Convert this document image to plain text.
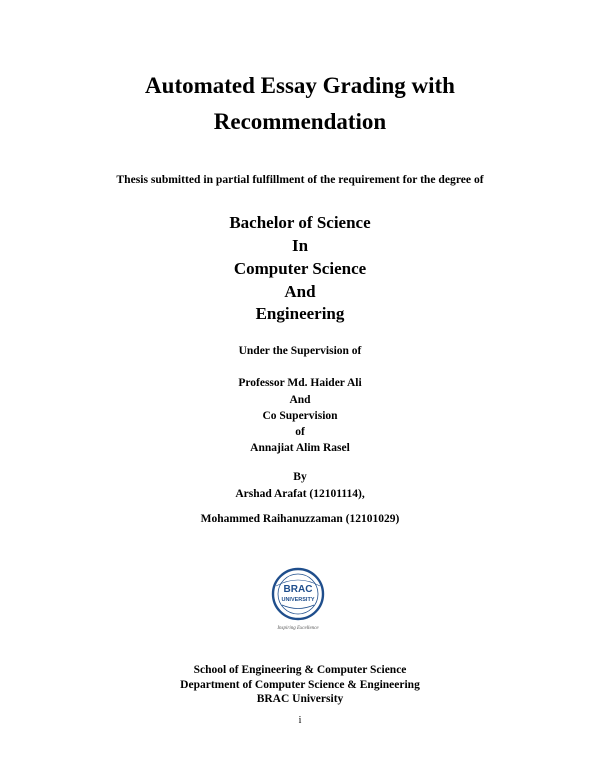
Automated Essay Grading with
Recommendation
Thesis submitted in partial fulfillment of the requirement for the degree of
Bachelor of Science
In
Computer Science
And
Engineering
Under the Supervision of
Professor Md. Haider Ali
And
Co Supervision
of
Annajiat Alim Rasel
By
Arshad Arafat (12101114),
Mohammed Raihanuzzaman (12101029)
BRAC
UNIVERSITY
Inspiring Excellence
School of Engineering & Computer Science
Department of Computer Science & Engineering
BRAC University
i
